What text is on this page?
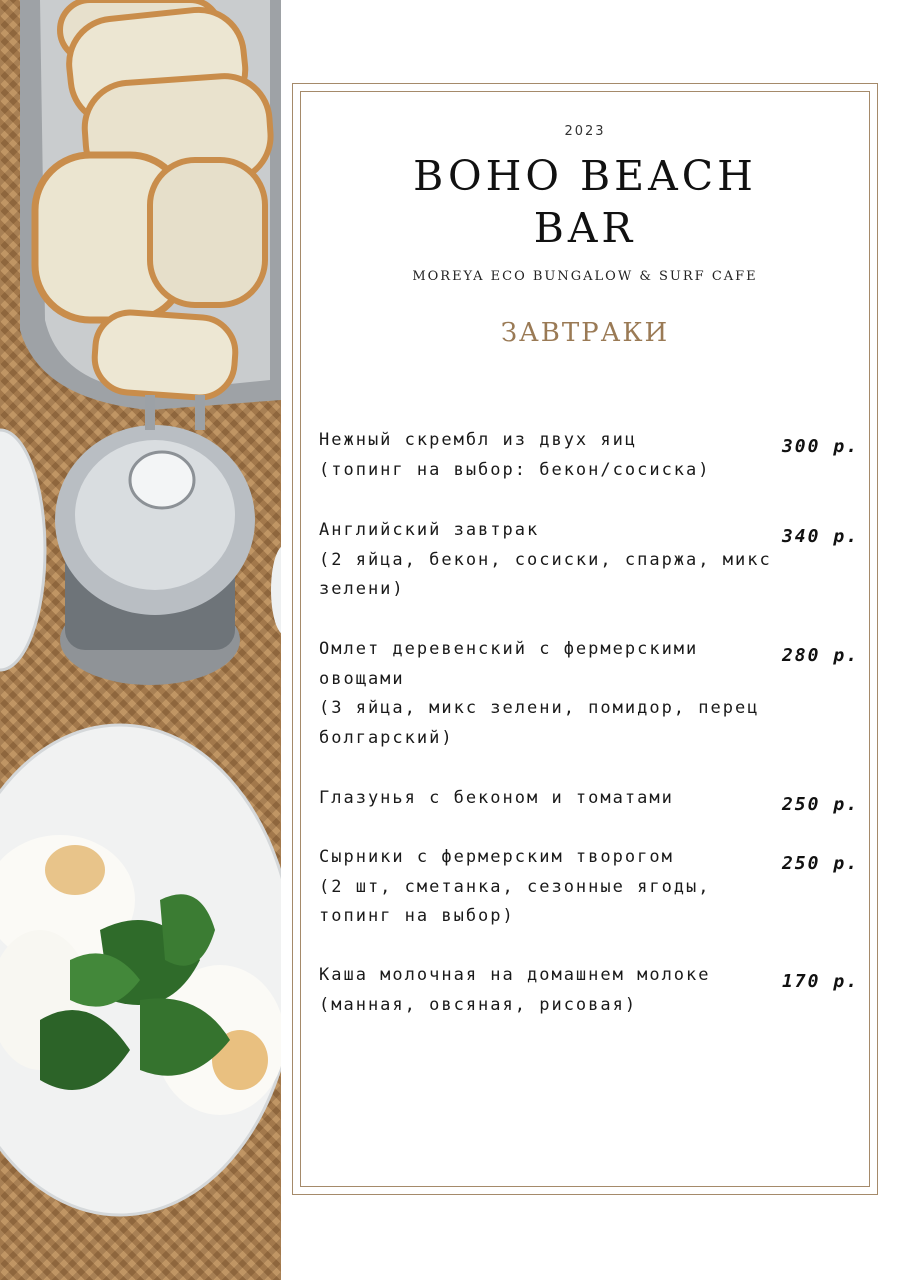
2023
BOHO BEACH
BAR
MOREYA ECO BUNGALOW & SURF CAFE
ЗАВТРАКИ
Нежный скрембл из двух яиц
(топинг на выбор: бекон/сосиска)
300 р.
Английский завтрак
(2 яйца, бекон, сосиски, спаржа, микс зелени)
340 р.
Омлет деревенский с фермерскими овощами
(3 яйца, микс зелени, помидор, перец болгарский)
280 р.
Глазунья с беконом и томатами	250 р.
Сырники с фермерским творогом
(2 шт, сметанка, сезонные ягоды, топинг на выбор)
250 р.
Каша молочная на домашнем молоке
(манная, овсяная, рисовая)
170 р.
